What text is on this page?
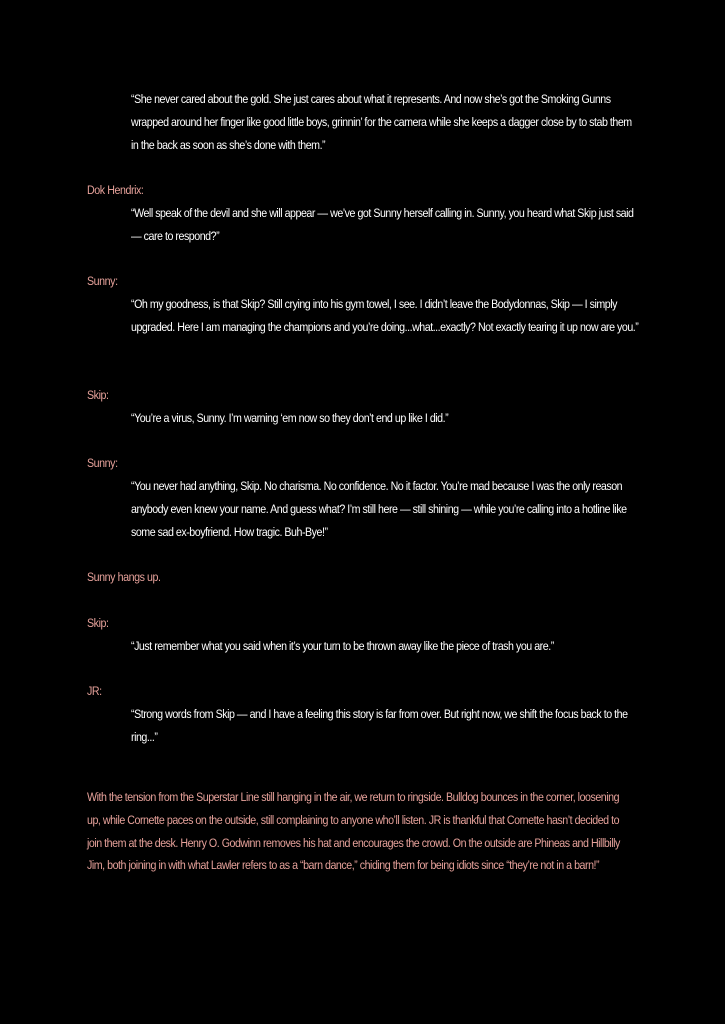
“She never cared about the gold. She just cares about what it represents. And now she’s got the Smoking Gunns wrapped around her finger like good little boys, grinnin’ for the camera while she keeps a dagger close by to stab them in the back as soon as she’s done with them.”
Dok Hendrix:
“Well speak of the devil and she will appear — we’ve got Sunny herself calling in. Sunny, you heard what Skip just said — care to respond?”
Sunny:
“Oh my goodness, is that Skip? Still crying into his gym towel, I see. I didn’t leave the Bodydonnas, Skip — I simply upgraded. Here I am managing the champions and you’re doing...what...exactly? Not exactly tearing it up now are you.”
Skip:
“You’re a virus, Sunny. I’m warning ‘em now so they don’t end up like I did.”
Sunny:
“You never had anything, Skip. No charisma. No confidence. No it factor. You’re mad because I was the only reason anybody even knew your name. And guess what? I’m still here — still shining — while you’re calling into a hotline like some sad ex-boyfriend. How tragic. Buh-Bye!”
Sunny hangs up.
Skip:
“Just remember what you said when it’s your turn to be thrown away like the piece of trash you are.”
JR:
“Strong words from Skip — and I have a feeling this story is far from over. But right now, we shift the focus back to the ring...”
With the tension from the Superstar Line still hanging in the air, we return to ringside. Bulldog bounces in the corner, loosening up, while Cornette paces on the outside, still complaining to anyone who’ll listen. JR is thankful that Cornette hasn’t decided to join them at the desk. Henry O. Godwinn removes his hat and encourages the crowd. On the outside are Phineas and Hillbilly Jim, both joining in with what Lawler refers to as a “barn dance,” chiding them for being idiots since “they’re not in a barn!”
